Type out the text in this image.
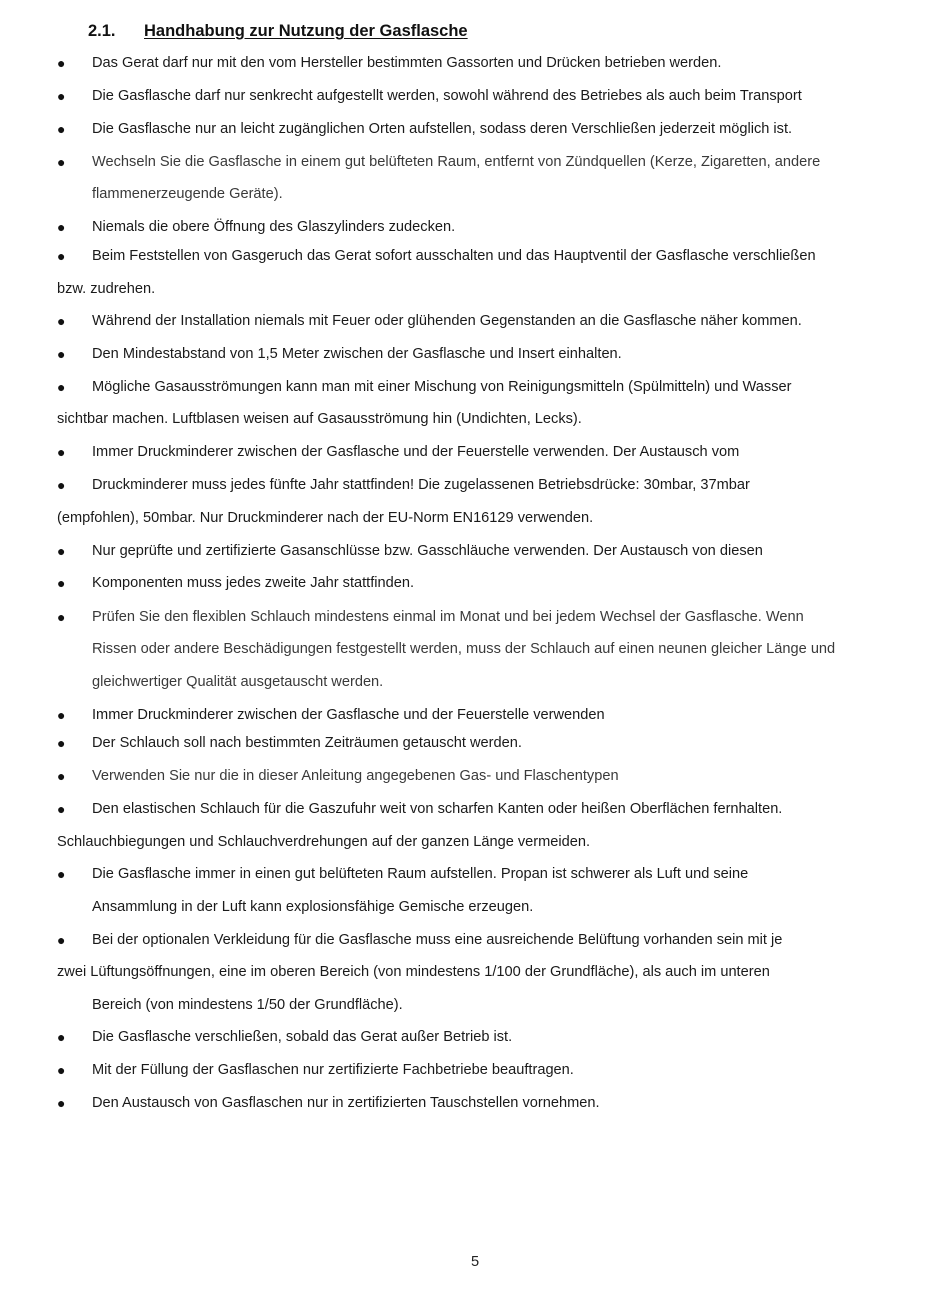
2.1. Handhabung zur Nutzung der Gasflasche
● Das Gerat darf nur mit den vom Hersteller bestimmten Gassorten und Drücken betrieben werden.
● Die Gasflasche darf nur senkrecht aufgestellt werden, sowohl während des Betriebes als auch beim Transport
● Die Gasflasche nur an leicht zugänglichen Orten aufstellen, sodass deren Verschließen jederzeit möglich ist.
● Wechseln Sie die Gasflasche in einem gut belüfteten Raum, entfernt von Zündquellen (Kerze, Zigaretten, andere
flammenerzeugende Geräte).
● Niemals die obere Öffnung des Glaszylinders zudecken.
● Beim Feststellen von Gasgeruch das Gerat sofort ausschalten und das Hauptventil der Gasflasche verschließen
bzw. zudrehen.
● Während der Installation niemals mit Feuer oder glühenden Gegenstanden an die Gasflasche näher kommen.
● Den Mindestabstand von 1,5 Meter zwischen der Gasflasche und Insert einhalten.
● Mögliche Gasausströmungen kann man mit einer Mischung von Reinigungsmitteln (Spülmitteln) und Wasser
sichtbar machen. Luftblasen weisen auf Gasausströmung hin (Undichten, Lecks).
● Immer Druckminderer zwischen der Gasflasche und der Feuerstelle verwenden. Der Austausch vom
● Druckminderer muss jedes fünfte Jahr stattfinden! Die zugelassenen Betriebsdrücke: 30mbar, 37mbar
(empfohlen), 50mbar. Nur Druckminderer nach der EU-Norm EN16129 verwenden.
● Nur geprüfte und zertifizierte Gasanschlüsse bzw. Gasschläuche verwenden. Der Austausch von diesen
● Komponenten muss jedes zweite Jahr stattfinden.
● Prüfen Sie den flexiblen Schlauch mindestens einmal im Monat und bei jedem Wechsel der Gasflasche. Wenn
Rissen oder andere Beschädigungen festgestellt werden, muss der Schlauch auf einen neunen gleicher Länge und
gleichwertiger Qualität ausgetauscht werden.
● Immer Druckminderer zwischen der Gasflasche und der Feuerstelle verwenden
● Der Schlauch soll nach bestimmten Zeiträumen getauscht werden.
● Verwenden Sie nur die in dieser Anleitung angegebenen Gas- und Flaschentypen
● Den elastischen Schlauch für die Gaszufuhr weit von scharfen Kanten oder heißen Oberflächen fernhalten.
Schlauchbiegungen und Schlauchverdrehungen auf der ganzen Länge vermeiden.
● Die Gasflasche immer in einen gut belüfteten Raum aufstellen. Propan ist schwerer als Luft und seine
Ansammlung in der Luft kann explosionsfähige Gemische erzeugen.
● Bei der optionalen Verkleidung für die Gasflasche muss eine ausreichende Belüftung vorhanden sein mit je
zwei Lüftungsöffnungen, eine im oberen Bereich (von mindestens 1/100 der Grundfläche), als auch im unteren
Bereich (von mindestens 1/50 der Grundfläche).
● Die Gasflasche verschließen, sobald das Gerat außer Betrieb ist.
● Mit der Füllung der Gasflaschen nur zertifizierte Fachbetriebe beauftragen.
● Den Austausch von Gasflaschen nur in zertifizierten Tauschstellen vornehmen.
5
